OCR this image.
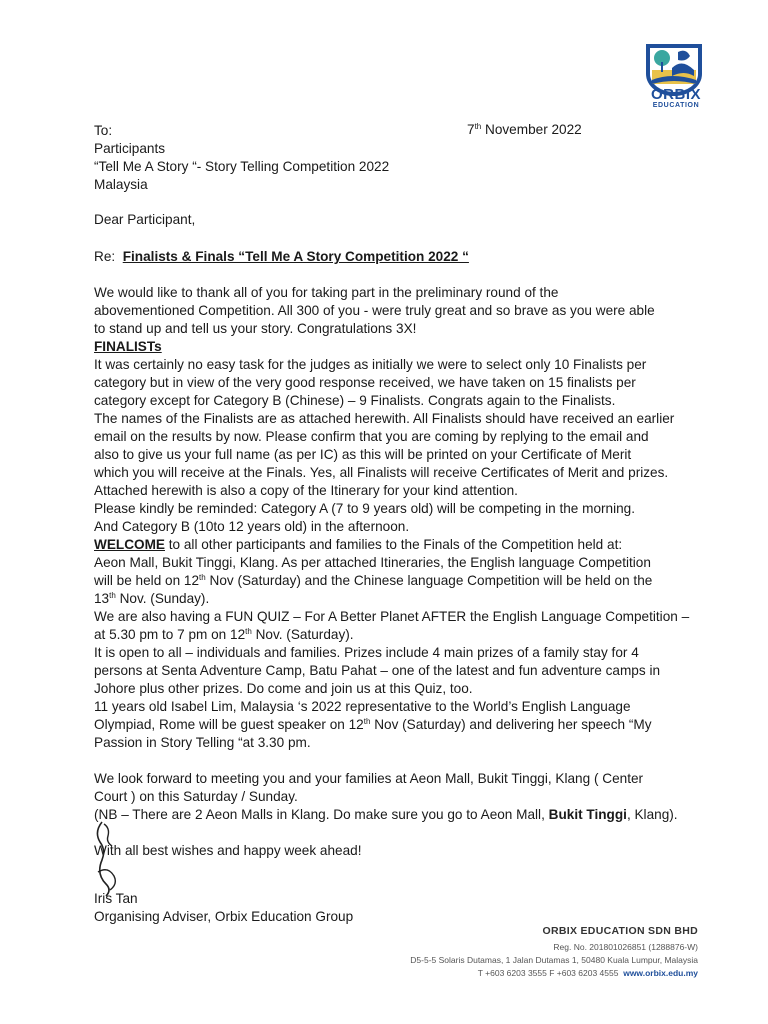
ORBIX
EDUCATION
7th November 2022
To:
Participants
“Tell Me A Story “- Story Telling Competition 2022
Malaysia
Dear Participant,
Re: Finalists & Finals “Tell Me A Story Competition 2022 “
We would like to thank all of you for taking part in the preliminary round of the
abovementioned Competition. All 300 of you - were truly great and so brave as you were able
to stand up and tell us your story. Congratulations 3X!
FINALISTs
It was certainly no easy task for the judges as initially we were to select only 10 Finalists per
category but in view of the very good response received, we have taken on 15 finalists per
category except for Category B (Chinese) – 9 Finalists. Congrats again to the Finalists.
The names of the Finalists are as attached herewith. All Finalists should have received an earlier
email on the results by now. Please confirm that you are coming by replying to the email and
also to give us your full name (as per IC) as this will be printed on your Certificate of Merit
which you will receive at the Finals. Yes, all Finalists will receive Certificates of Merit and prizes.
Attached herewith is also a copy of the Itinerary for your kind attention.
Please kindly be reminded: Category A (7 to 9 years old) will be competing in the morning.
And Category B (10to 12 years old) in the afternoon.
WELCOME to all other participants and families to the Finals of the Competition held at:
Aeon Mall, Bukit Tinggi, Klang. As per attached Itineraries, the English language Competition
will be held on 12th Nov (Saturday) and the Chinese language Competition will be held on the
13th Nov. (Sunday).
We are also having a FUN QUIZ – For A Better Planet AFTER the English Language Competition –
at 5.30 pm to 7 pm on 12th Nov. (Saturday).
It is open to all – individuals and families. Prizes include 4 main prizes of a family stay for 4
persons at Senta Adventure Camp, Batu Pahat – one of the latest and fun adventure camps in
Johore plus other prizes. Do come and join us at this Quiz, too.
11 years old Isabel Lim, Malaysia ‘s 2022 representative to the World’s English Language
Olympiad, Rome will be guest speaker on 12th Nov (Saturday) and delivering her speech “My
Passion in Story Telling “at 3.30 pm.
We look forward to meeting you and your families at Aeon Mall, Bukit Tinggi, Klang ( Center
Court ) on this Saturday / Sunday.
(NB – There are 2 Aeon Malls in Klang. Do make sure you go to Aeon Mall, Bukit Tinggi, Klang).
With all best wishes and happy week ahead!
Iris Tan
Organising Adviser, Orbix Education Group
ORBIX EDUCATION SDN BHD
Reg. No. 201801026851 (1288876-W)
D5-5-5 Solaris Dutamas, 1 Jalan Dutamas 1, 50480 Kuala Lumpur, Malaysia
T +603 6203 3555 F +603 6203 4555 www.orbix.edu.my
